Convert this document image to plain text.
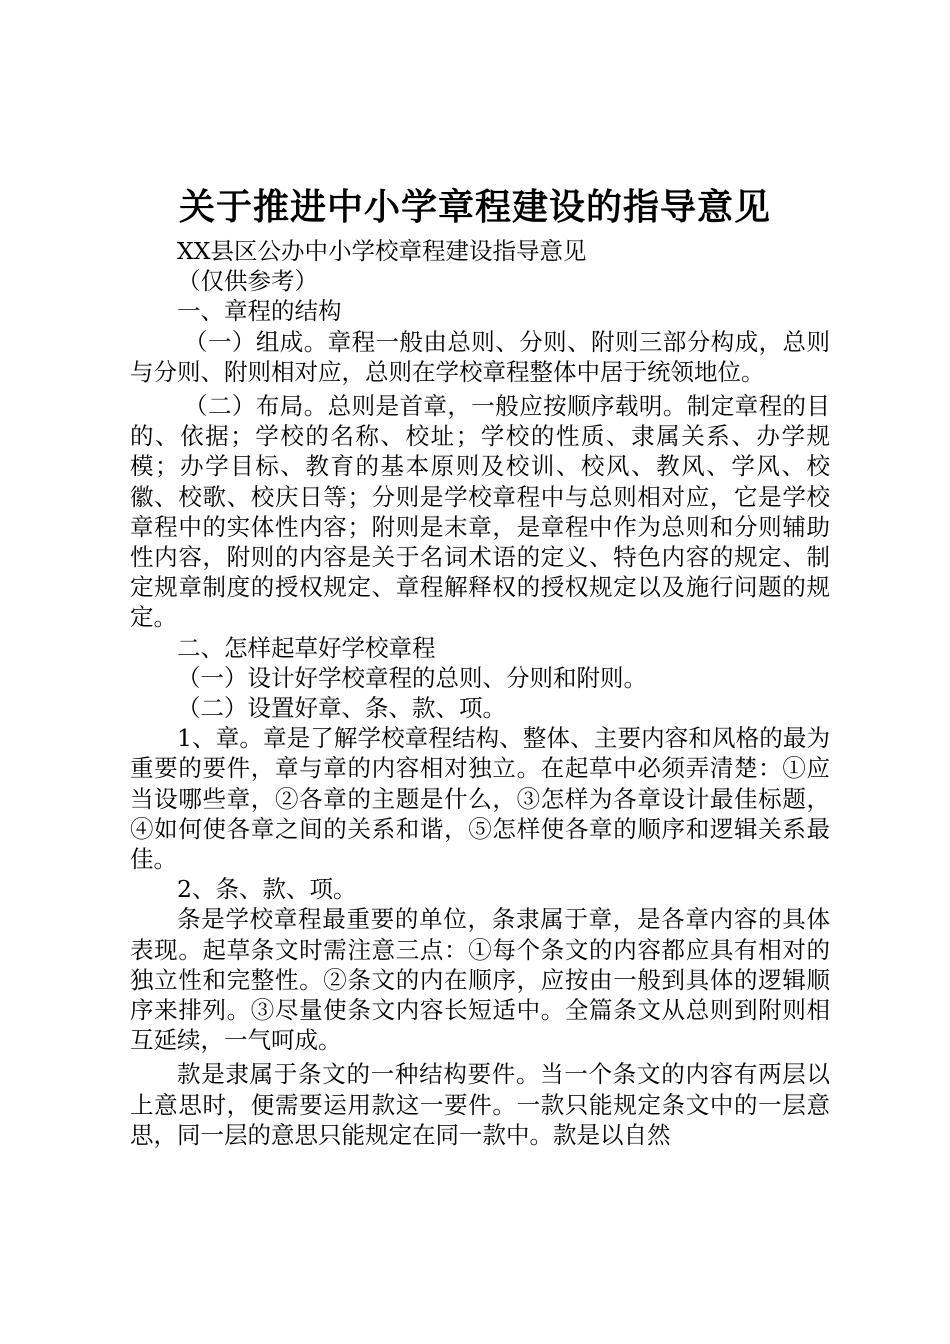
关于推进中小学章程建设的指导意见

XX县区公办中小学校章程建设指导意见

（仅供参考）

一、章程的结构

（一）组成。章程一般由总则、分则、附则三部分构成，总则与分则、附则相对应，总则在学校章程整体中居于统领地位。

（二）布局。总则是首章，一般应按顺序载明。制定章程的目的、依据；学校的名称、校址；学校的性质、隶属关系、办学规模；办学目标、教育的基本原则及校训、校风、教风、学风、校徽、校歌、校庆日等；分则是学校章程中与总则相对应，它是学校章程中的实体性内容；附则是末章，是章程中作为总则和分则辅助性内容，附则的内容是关于名词术语的定义、特色内容的规定、制定规章制度的授权规定、章程解释权的授权规定以及施行问题的规定。

二、怎样起草好学校章程

（一）设计好学校章程的总则、分则和附则。

（二）设置好章、条、款、项。

1、章。章是了解学校章程结构、整体、主要内容和风格的最为重要的要件，章与章的内容相对独立。在起草中必须弄清楚：①应当设哪些章，②各章的主题是什么，③怎样为各章设计最佳标题，④如何使各章之间的关系和谐，⑤怎样使各章的顺序和逻辑关系最佳。

2、条、款、项。

条是学校章程最重要的单位，条隶属于章，是各章内容的具体表现。起草条文时需注意三点：①每个条文的内容都应具有相对的独立性和完整性。②条文的内在顺序，应按由一般到具体的逻辑顺序来排列。③尽量使条文内容长短适中。全篇条文从总则到附则相互延续，一气呵成。

款是隶属于条文的一种结构要件。当一个条文的内容有两层以上意思时，便需要运用款这一要件。一款只能规定条文中的一层意思，同一层的意思只能规定在同一款中。款是以自然
